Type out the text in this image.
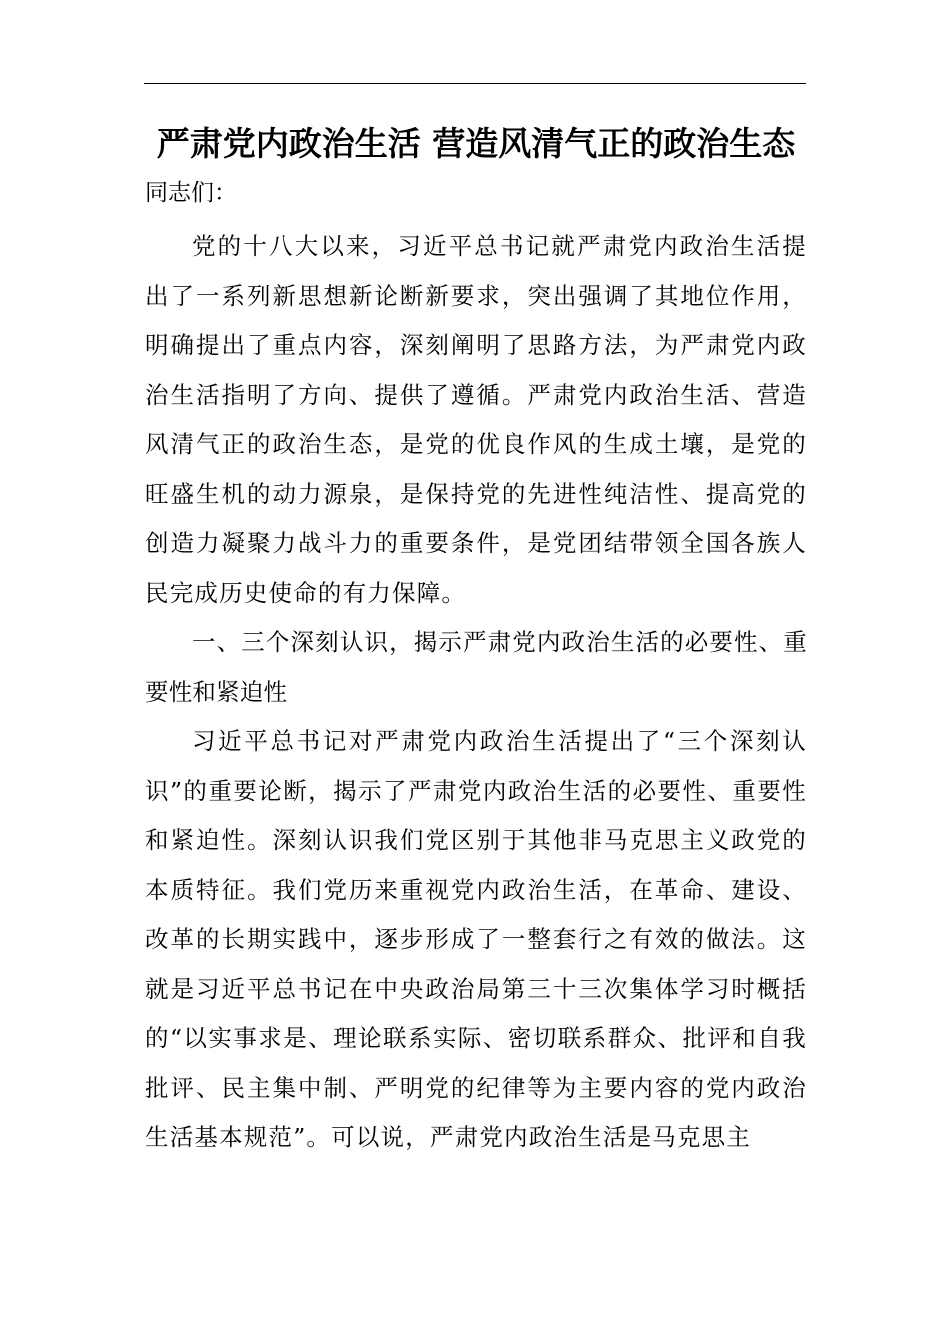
严肃党内政治生活 营造风清气正的政治生态

同志们：

党的十八大以来，习近平总书记就严肃党内政治生活提出了一系列新思想新论断新要求，突出强调了其地位作用，明确提出了重点内容，深刻阐明了思路方法，为严肃党内政治生活指明了方向、提供了遵循。严肃党内政治生活、营造风清气正的政治生态，是党的优良作风的生成土壤，是党的旺盛生机的动力源泉，是保持党的先进性纯洁性、提高党的创造力凝聚力战斗力的重要条件，是党团结带领全国各族人民完成历史使命的有力保障。

一、三个深刻认识，揭示严肃党内政治生活的必要性、重要性和紧迫性

习近平总书记对严肃党内政治生活提出了“三个深刻认识”的重要论断，揭示了严肃党内政治生活的必要性、重要性和紧迫性。深刻认识我们党区别于其他非马克思主义政党的本质特征。我们党历来重视党内政治生活，在革命、建设、改革的长期实践中，逐步形成了一整套行之有效的做法。这就是习近平总书记在中央政治局第三十三次集体学习时概括的“以实事求是、理论联系实际、密切联系群众、批评和自我批评、民主集中制、严明党的纪律等为主要内容的党内政治生活基本规范”。可以说，严肃党内政治生活是马克思主
